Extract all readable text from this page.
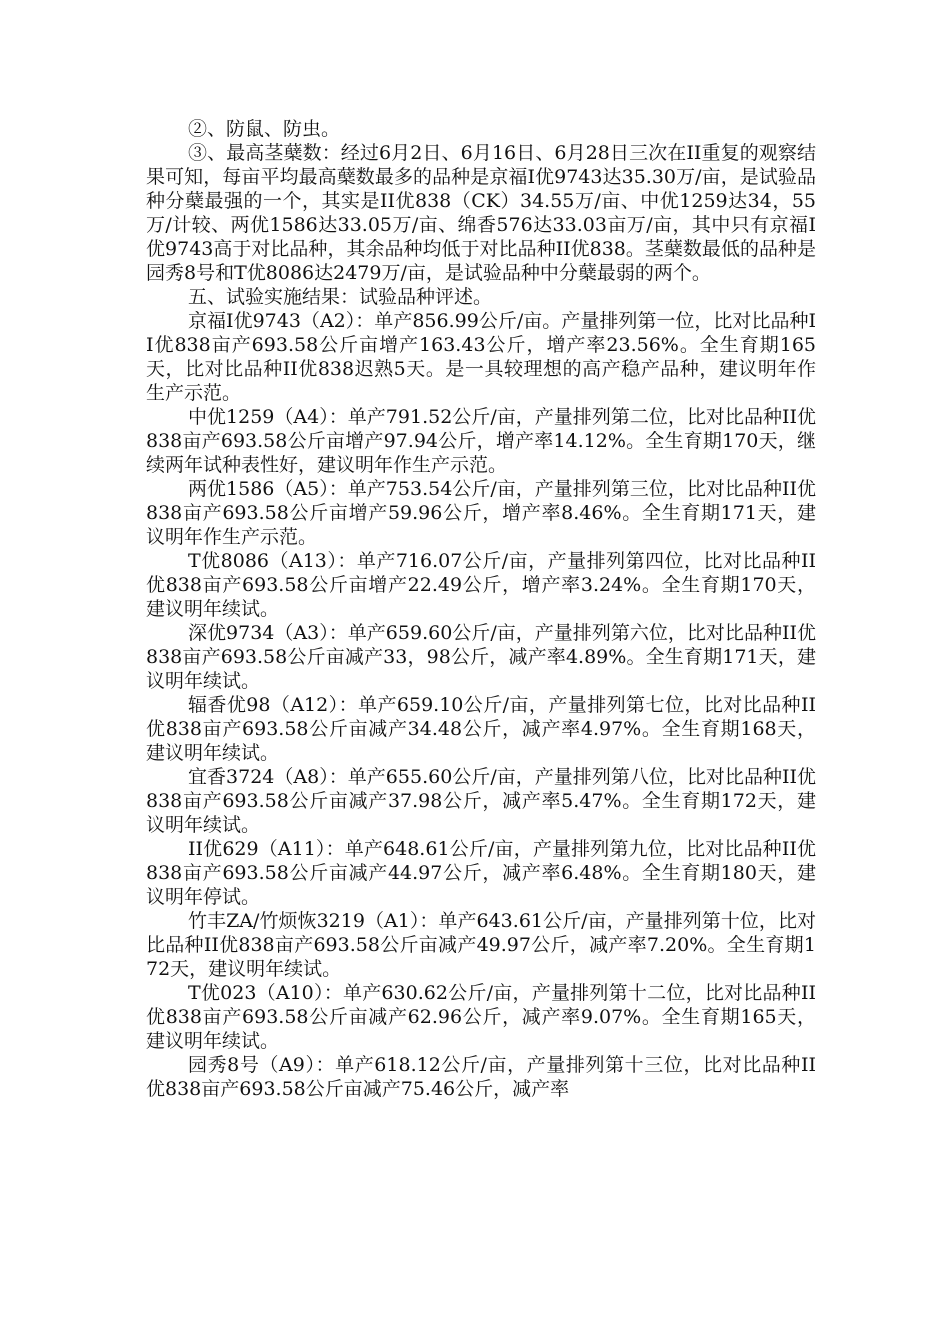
②、防鼠、防虫。

③、最高茎蘖数：经过6月2日、6月16日、6月28日三次在II重复的观察结果可知，每亩平均最高蘖数最多的品种是京福I优9743达35.30万/亩，是试验品种分蘖最强的一个，其实是II优838（CK）34.55万/亩、中优1259达34，55万/计较、两优1586达33.05万/亩、绵香576达33.03亩万/亩，其中只有京福I优9743高于对比品种，其余品种均低于对比品种II优838。茎蘖数最低的品种是园秀8号和T优8086达2479万/亩，是试验品种中分蘖最弱的两个。

五、试验实施结果：试验品种评述。

京福I优9743（A2）：单产856.99公斤/亩。产量排列第一位，比对比品种II优838亩产693.58公斤亩增产163.43公斤，增产率23.56%。全生育期165天，比对比品种II优838迟熟5天。是一具较理想的高产稳产品种，建议明年作生产示范。

中优1259（A4）：单产791.52公斤/亩，产量排列第二位，比对比品种II优838亩产693.58公斤亩增产97.94公斤，增产率14.12%。全生育期170天，继续两年试种表性好，建议明年作生产示范。

两优1586（A5）：单产753.54公斤/亩，产量排列第三位，比对比品种II优838亩产693.58公斤亩增产59.96公斤，增产率8.46%。全生育期171天，建议明年作生产示范。

T优8086（A13）：单产716.07公斤/亩，产量排列第四位，比对比品种II优838亩产693.58公斤亩增产22.49公斤，增产率3.24%。全生育期170天，建议明年续试。

深优9734（A3）：单产659.60公斤/亩，产量排列第六位，比对比品种II优838亩产693.58公斤亩减产33，98公斤，减产率4.89%。全生育期171天，建议明年续试。

辐香优98（A12）：单产659.10公斤/亩，产量排列第七位，比对比品种II优838亩产693.58公斤亩减产34.48公斤，减产率4.97%。全生育期168天，建议明年续试。

宜香3724（A8）：单产655.60公斤/亩，产量排列第八位，比对比品种II优838亩产693.58公斤亩减产37.98公斤，减产率5.47%。全生育期172天，建议明年续试。

II优629（A11）：单产648.61公斤/亩，产量排列第九位，比对比品种II优838亩产693.58公斤亩减产44.97公斤，减产率6.48%。全生育期180天，建议明年停试。

竹丰ZA/竹烦恢3219（A1）：单产643.61公斤/亩，产量排列第十位，比对比品种II优838亩产693.58公斤亩减产49.97公斤，减产率7.20%。全生育期172天，建议明年续试。

T优023（A10）：单产630.62公斤/亩，产量排列第十二位，比对比品种II优838亩产693.58公斤亩减产62.96公斤，减产率9.07%。全生育期165天，建议明年续试。

园秀8号（A9）：单产618.12公斤/亩，产量排列第十三位，比对比品种II优838亩产693.58公斤亩减产75.46公斤，减产率
